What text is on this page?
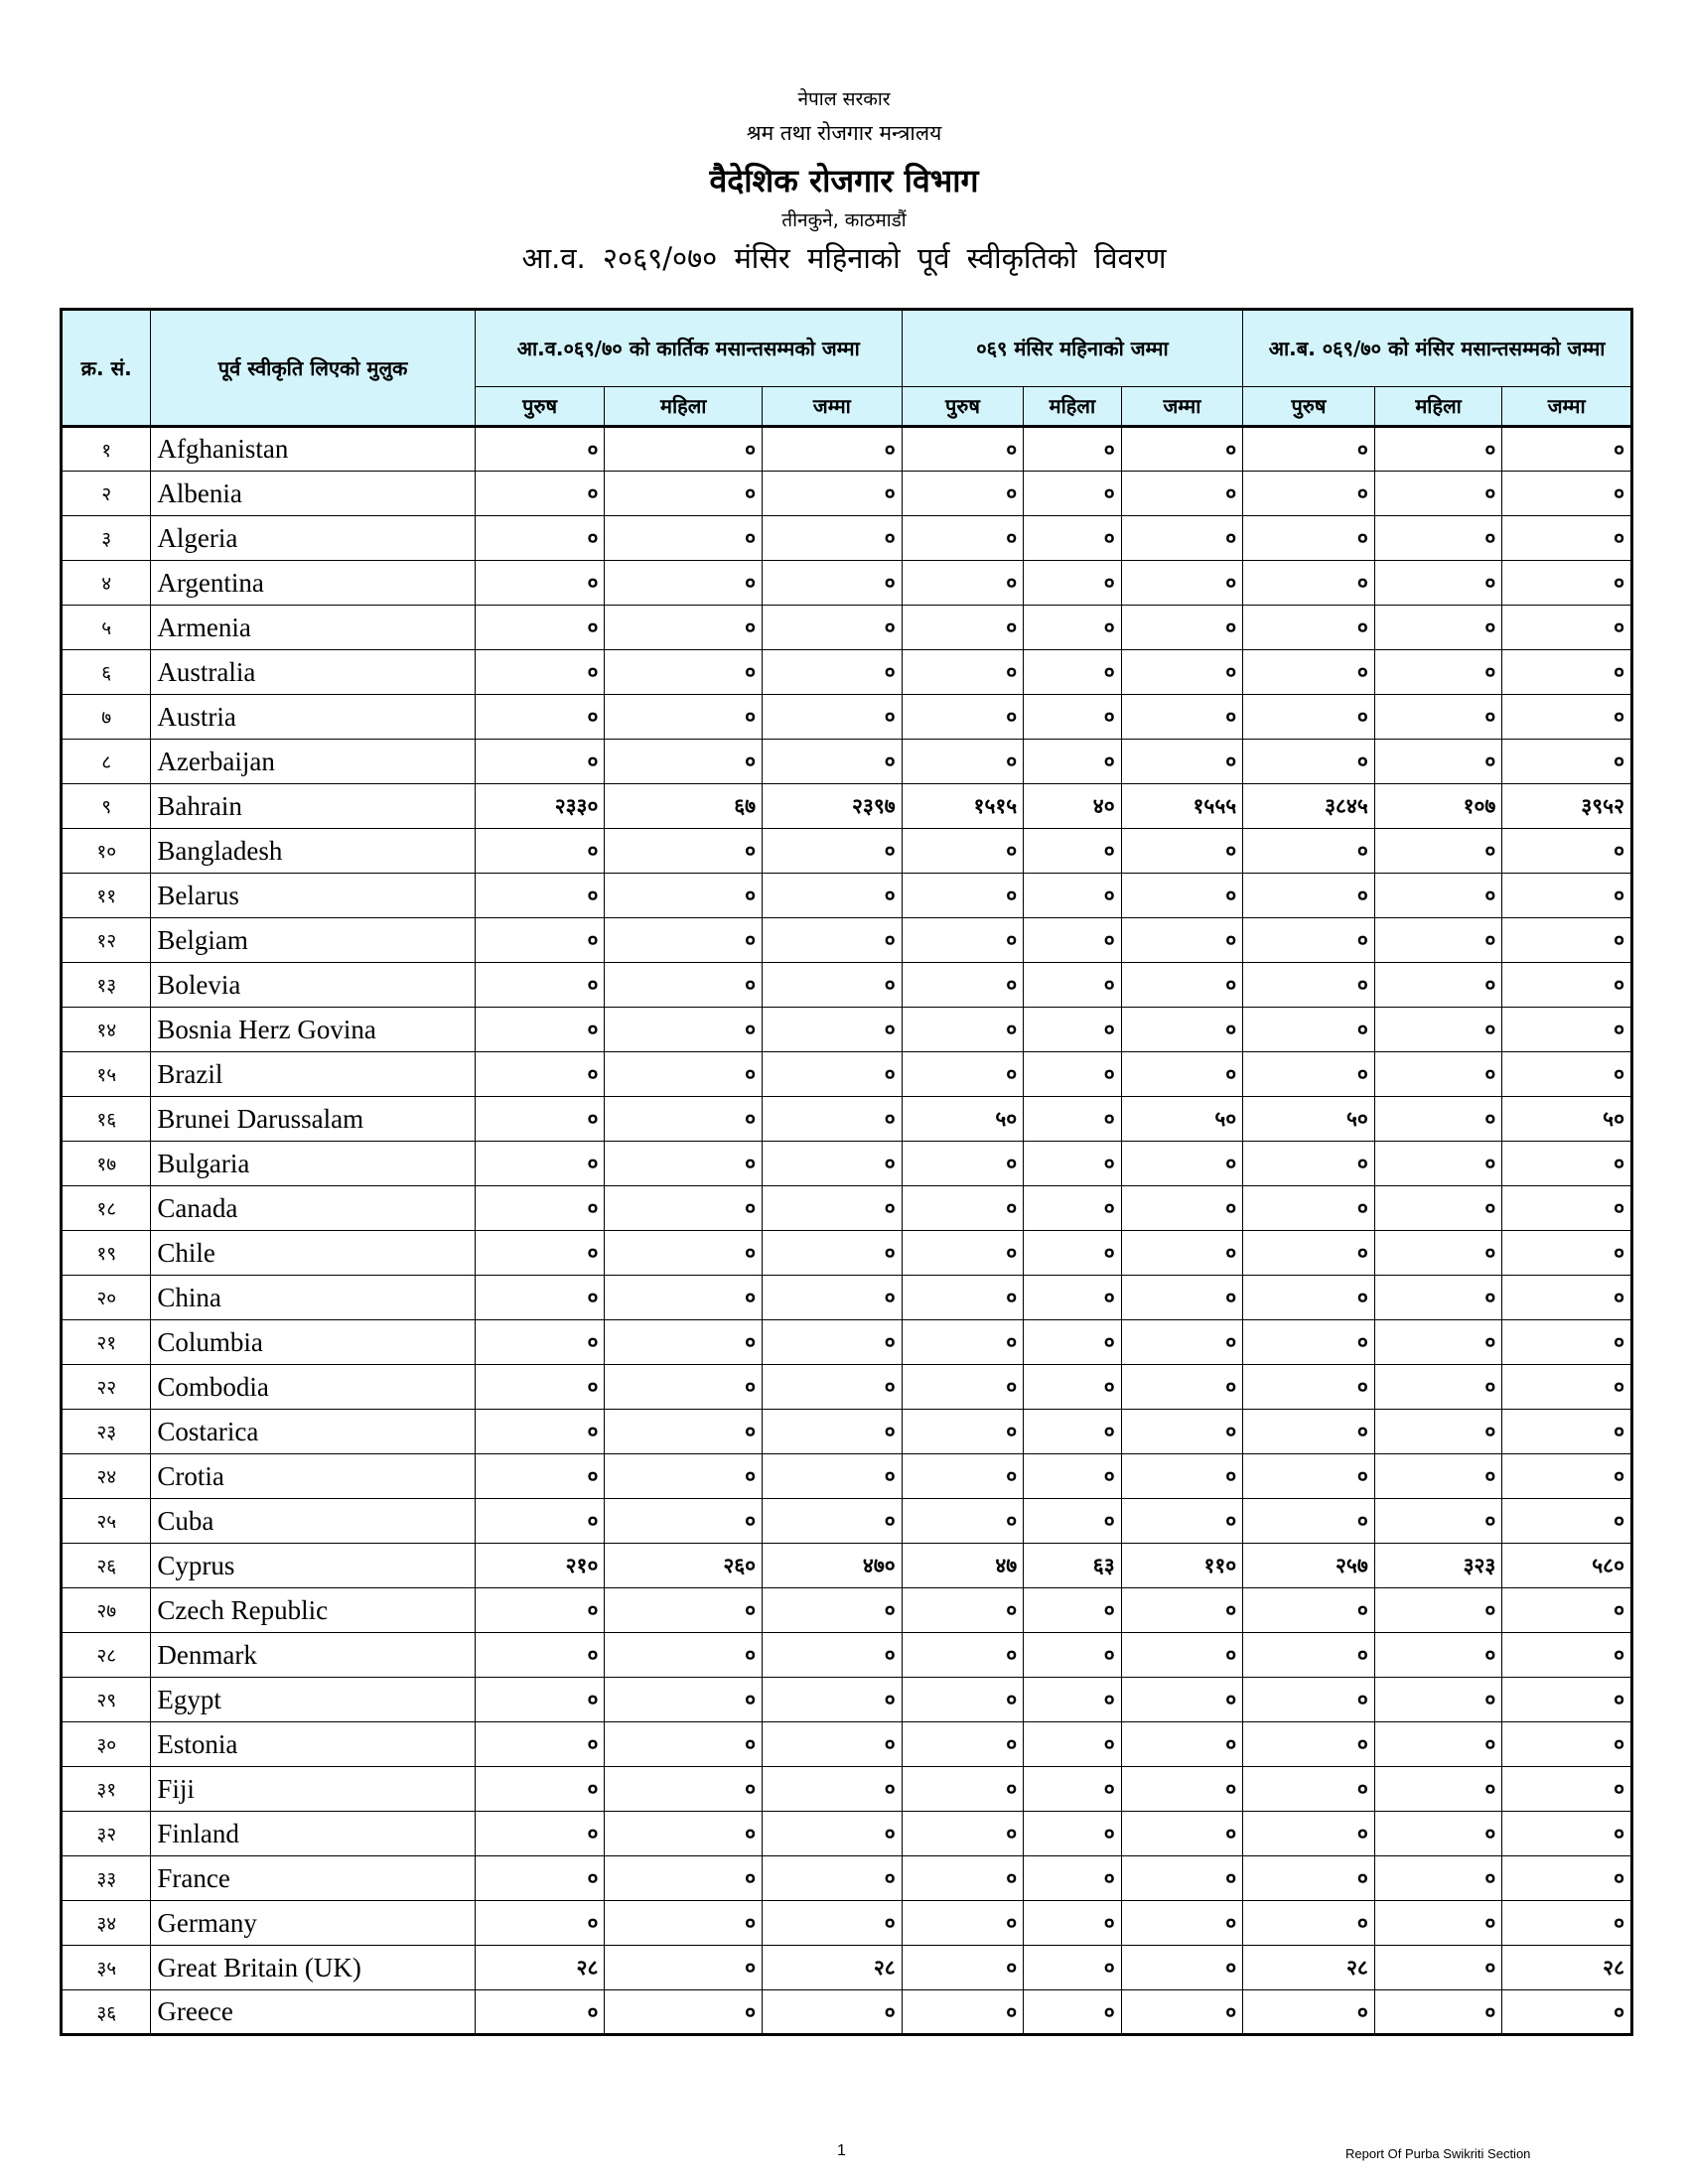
नेपाल सरकार
श्रम तथा रोजगार मन्त्रालय
वैदेशिक रोजगार विभाग
तीनकुने, काठमाडौं
आ.व. २०६९/०७० मंसिर महिनाको पूर्व स्वीकृतिको विवरण
क्र. सं.	पूर्व स्वीकृति लिएको मुलुक	आ.व.०६९/७० को कार्तिक मसान्तसम्मको जम्मा			०६९ मंसिर महिनाको जम्मा			आ.ब. ०६९/७० को मंसिर मसान्तसम्मको जम्मा		
		पुरुष	महिला	जम्मा	पुरुष	महिला	जम्मा	पुरुष	महिला	जम्मा
१	Afghanistan	०	०	०	०	०	०	०	०	०
२	Albenia	०	०	०	०	०	०	०	०	०
३	Algeria	०	०	०	०	०	०	०	०	०
४	Argentina	०	०	०	०	०	०	०	०	०
५	Armenia	०	०	०	०	०	०	०	०	०
६	Australia	०	०	०	०	०	०	०	०	०
७	Austria	०	०	०	०	०	०	०	०	०
८	Azerbaijan	०	०	०	०	०	०	०	०	०
९	Bahrain	२३३०	६७	२३९७	१५१५	४०	१५५५	३८४५	१०७	३९५२
१०	Bangladesh	०	०	०	०	०	०	०	०	०
११	Belarus	०	०	०	०	०	०	०	०	०
१२	Belgiam	०	०	०	०	०	०	०	०	०
१३	Bolevia	०	०	०	०	०	०	०	०	०
१४	Bosnia Herz Govina	०	०	०	०	०	०	०	०	०
१५	Brazil	०	०	०	०	०	०	०	०	०
१६	Brunei Darussalam	०	०	०	५०	०	५०	५०	०	५०
१७	Bulgaria	०	०	०	०	०	०	०	०	०
१८	Canada	०	०	०	०	०	०	०	०	०
१९	Chile	०	०	०	०	०	०	०	०	०
२०	China	०	०	०	०	०	०	०	०	०
२१	Columbia	०	०	०	०	०	०	०	०	०
२२	Combodia	०	०	०	०	०	०	०	०	०
२३	Costarica	०	०	०	०	०	०	०	०	०
२४	Crotia	०	०	०	०	०	०	०	०	०
२५	Cuba	०	०	०	०	०	०	०	०	०
२६	Cyprus	२१०	२६०	४७०	४७	६३	११०	२५७	३२३	५८०
२७	Czech Republic	०	०	०	०	०	०	०	०	०
२८	Denmark	०	०	०	०	०	०	०	०	०
२९	Egypt	०	०	०	०	०	०	०	०	०
३०	Estonia	०	०	०	०	०	०	०	०	०
३१	Fiji	०	०	०	०	०	०	०	०	०
३२	Finland	०	०	०	०	०	०	०	०	०
३३	France	०	०	०	०	०	०	०	०	०
३४	Germany	०	०	०	०	०	०	०	०	०
३५	Great Britain (UK)	२८	०	२८	०	०	०	२८	०	२८
३६	Greece	०	०	०	०	०	०	०	०	०
1	Report Of Purba Swikriti Section
